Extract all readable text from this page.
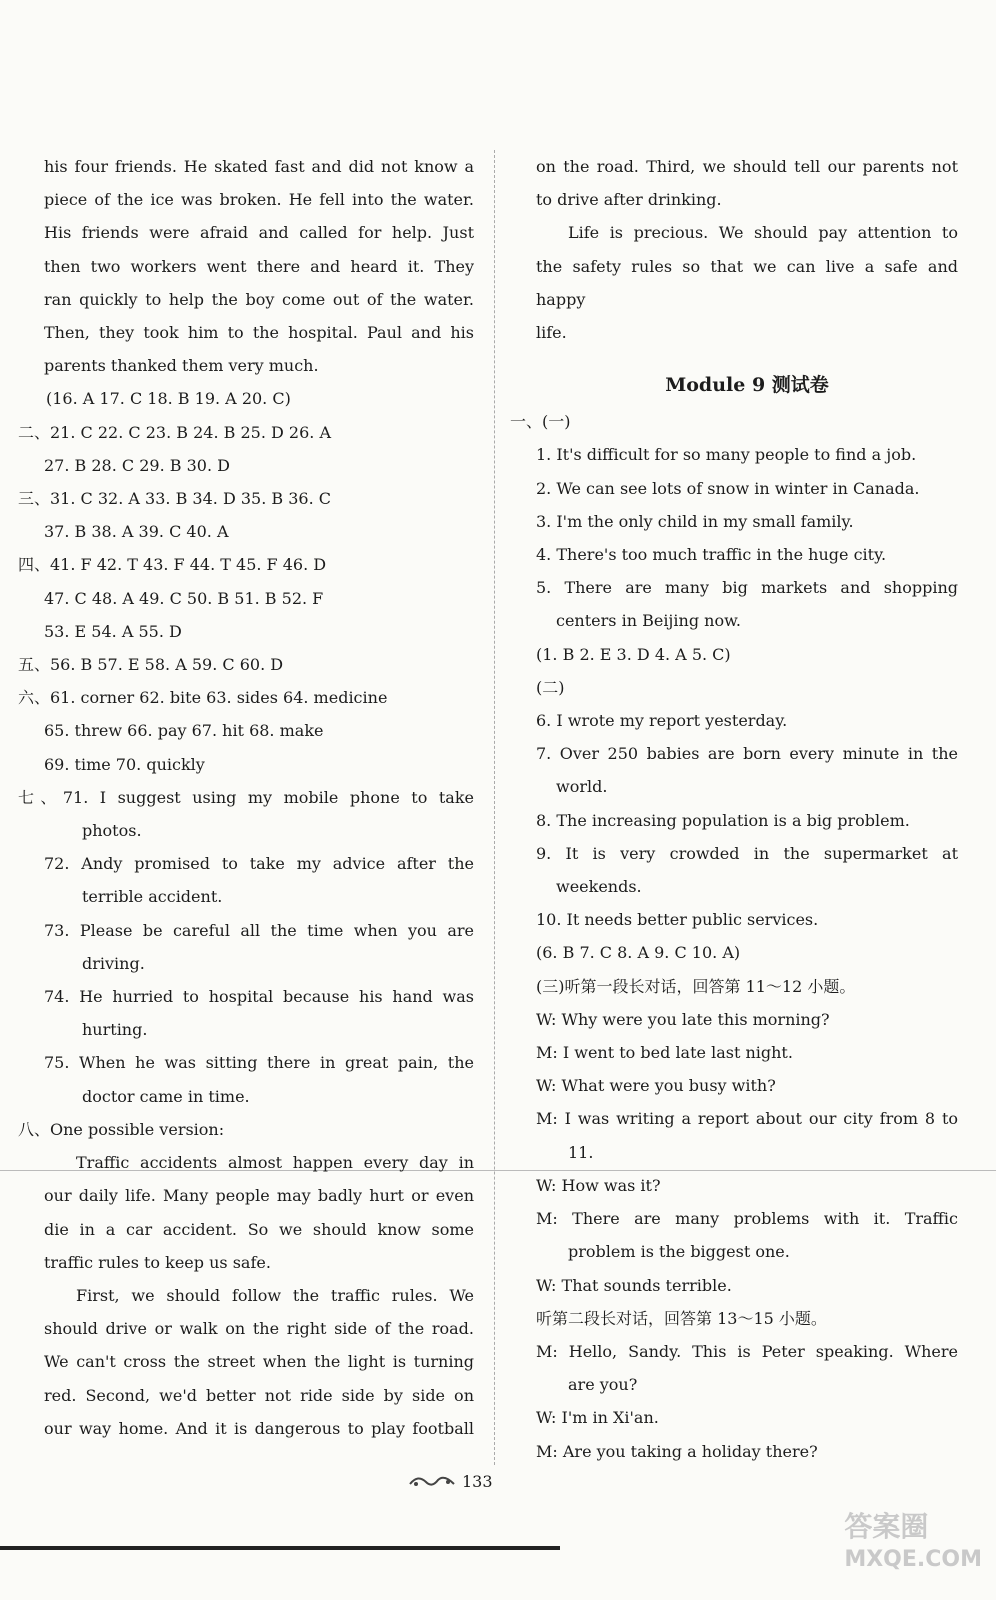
his four friends. He skated fast and did not know a
piece of the ice was broken. He fell into the water.
His friends were afraid and called for help. Just
then two workers went there and heard it. They
ran quickly to help the boy come out of the water.
Then, they took him to the hospital. Paul and his
parents thanked them very much.
(16. A 17. C 18. B 19. A 20. C)
二、21. C 22. C 23. B 24. B 25. D 26. A
27. B 28. C 29. B 30. D
三、31. C 32. A 33. B 34. D 35. B 36. C
37. B 38. A 39. C 40. A
四、41. F 42. T 43. F 44. T 45. F 46. D
47. C 48. A 49. C 50. B 51. B 52. F
53. E 54. A 55. D
五、56. B 57. E 58. A 59. C 60. D
六、61. corner 62. bite 63. sides 64. medicine
65. threw 66. pay 67. hit 68. make
69. time 70. quickly
七、71. I suggest using my mobile phone to take
photos.
72. Andy promised to take my advice after the
terrible accident.
73. Please be careful all the time when you are
driving.
74. He hurried to hospital because his hand was
hurting.
75. When he was sitting there in great pain, the
doctor came in time.
八、One possible version:
Traffic accidents almost happen every day in
our daily life. Many people may badly hurt or even
die in a car accident. So we should know some
traffic rules to keep us safe.
First, we should follow the traffic rules. We
should drive or walk on the right side of the road.
We can't cross the street when the light is turning
red. Second, we'd better not ride side by side on
our way home. And it is dangerous to play football
on the road. Third, we should tell our parents not
to drive after drinking.
Life is precious. We should pay attention to
the safety rules so that we can live a safe and happy
life.
Module 9 测试卷
一、(一)
1. It's difficult for so many people to find a job.
2. We can see lots of snow in winter in Canada.
3. I'm the only child in my small family.
4. There's too much traffic in the huge city.
5. There are many big markets and shopping
centers in Beijing now.
(1. B 2. E 3. D 4. A 5. C)
(二)
6. I wrote my report yesterday.
7. Over 250 babies are born every minute in the
world.
8. The increasing population is a big problem.
9. It is very crowded in the supermarket at
weekends.
10. It needs better public services.
(6. B 7. C 8. A 9. C 10. A)
(三)听第一段长对话，回答第 11～12 小题。
W: Why were you late this morning?
M: I went to bed late last night.
W: What were you busy with?
M: I was writing a report about our city from 8 to
11.
W: How was it?
M: There are many problems with it. Traffic
problem is the biggest one.
W: That sounds terrible.
听第二段长对话，回答第 13～15 小题。
M: Hello, Sandy. This is Peter speaking. Where
are you?
W: I'm in Xi'an.
M: Are you taking a holiday there?
133
答案圈
MXQE.COM
